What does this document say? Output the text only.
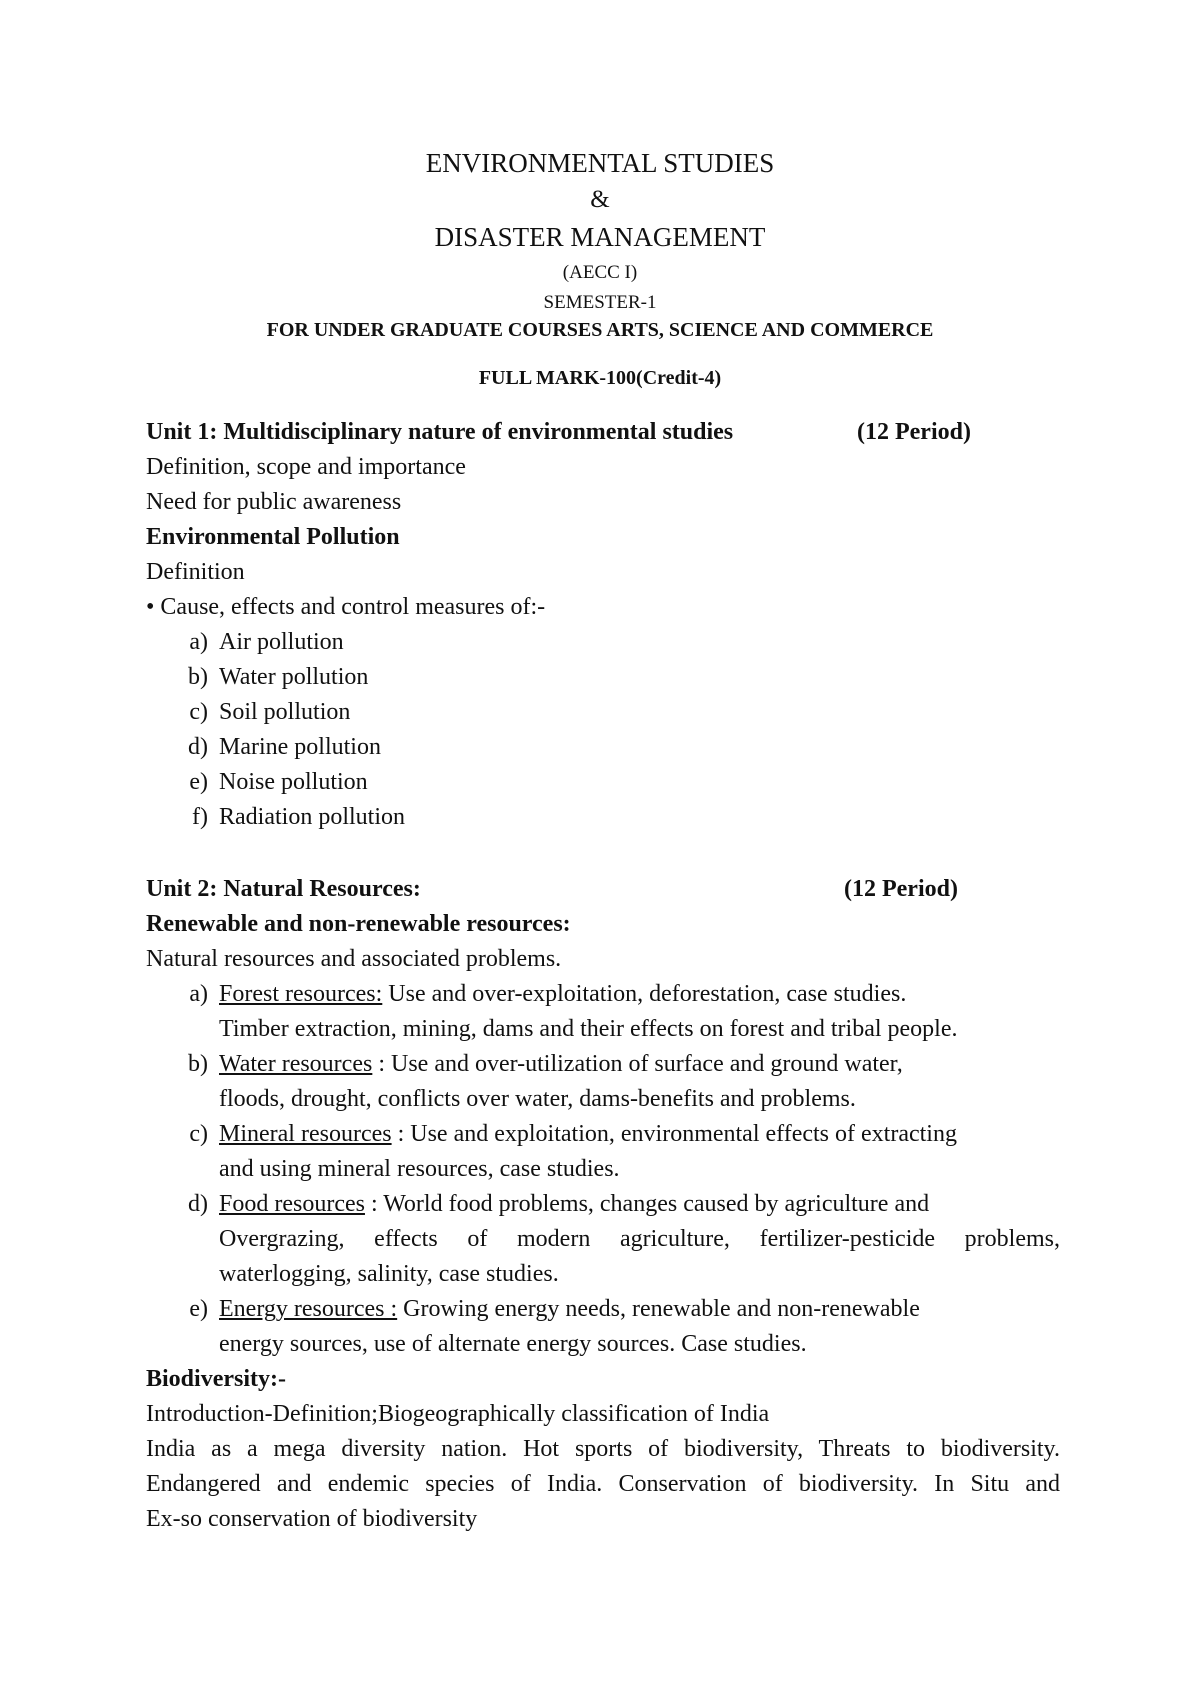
ENVIRONMENTAL STUDIES
&
DISASTER MANAGEMENT
(AECC I)
SEMESTER-1
FOR UNDER GRADUATE COURSES ARTS, SCIENCE AND COMMERCE
FULL MARK-100(Credit-4)
Unit 1: Multidisciplinary nature of environmental studies	(12 Period)
Definition, scope and importance
Need for public awareness
Environmental Pollution
Definition
• Cause, effects and control measures of:-
a) Air pollution
b) Water pollution
c) Soil pollution
d) Marine pollution
e) Noise pollution
f) Radiation pollution
Unit 2: Natural Resources:	(12 Period)
Renewable and non-renewable resources:
Natural resources and associated problems.
a) Forest resources: Use and over-exploitation, deforestation, case studies.
Timber extraction, mining, dams and their effects on forest and tribal people.
b) Water resources : Use and over-utilization of surface and ground water,
floods, drought, conflicts over water, dams-benefits and problems.
c) Mineral resources : Use and exploitation, environmental effects of extracting
and using mineral resources, case studies.
d) Food resources : World food problems, changes caused by agriculture and
Overgrazing, effects of modern agriculture, fertilizer-pesticide problems,
waterlogging, salinity, case studies.
e) Energy resources : Growing energy needs, renewable and non-renewable
energy sources, use of alternate energy sources. Case studies.
Biodiversity:-
Introduction-Definition;Biogeographically classification of India
India as a mega diversity nation. Hot sports of biodiversity, Threats to biodiversity.
Endangered and endemic species of India. Conservation of biodiversity. In Situ and
Ex-so conservation of biodiversity
